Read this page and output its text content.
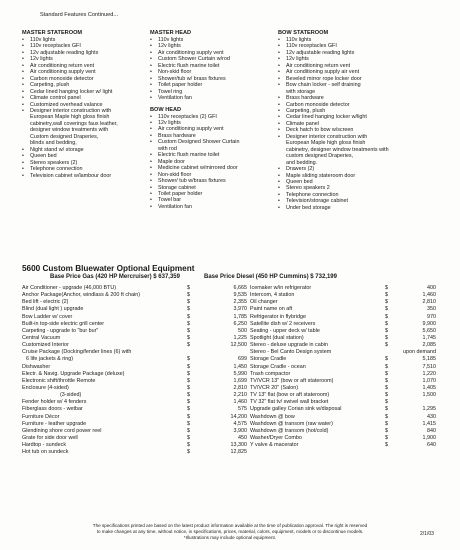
Standard Features Continued...
MASTER STATEROOM
•	110v lights
•	110v receptacles GFI
•	12v adjustable reading lights
•	12v lights
•	Air conditioning return vent
•	Air conditioning supply vent
•	Carbon monoxide detector
•	Carpeting, plush
•	Cedar lined hanging locker w/ light
•	Climate control panel
•	Customized overhead valance
•	Designer interior construction with
European Maple high gloss finish
cabinetry,wall coverings faux leather,
designer window treatments with
Custom designed Draperies,
blinds and bedding,
•	Night stand w/ storage
•	Queen bed
•	Stereo speakers (2)
•	Telephone connection
•	Television cabinet w/lambour door
MASTER HEAD
•	110v lights
•	12v lights
•	Air conditioning supply vent
•	Custom Shower Curtain w/rod
•	Electric flush marine toilet
•	Non-skid floor
•	Shower/tub w/ brass fixtures
•	Toilet paper holder
•	Towel ring
•	Ventilation fan
BOW HEAD
•	110v receptacles (2) GFI
•	12v lights
•	Air conditioning supply vent
•	Brass hardware
•	Custom Designed Shower Curtain
with rod
•	Electric flush marine toilet
•	Maple door
•	Medicine cabinet w/mirrored door
•	Non-skid floor
•	Shower/ tub w/brass fixtures
•	Storage cabinet
•	Toilet paper holder
•	Towel bar
•	Ventilation fan
BOW STATEROOM
•	110v lights
•	110v receptacles GFI
•	12v adjustable reading lights
•	12v lights
•	Air conditioning return vent
•	Air conditioning supply air vent
•	Beveled mirror rope locker door
•	Bow chain locker - self draining
with storage
•	Brass hardware
•	Carbon monoxide detector
•	Carpeting, plush
•	Cedar lined hanging locker w/light
•	Climate panel
•	Deck hatch to bow w/screen
•	Designer interior construction with
European Maple high gloss finish
cabinetry, designer window treatments with
custom designed Draperies,
and bedding.
•	Drawers (2)
•	Maple sliding stateroom door
•	Queen bed
•	Stereo speakers 2
•	Telephone connection
•	Television/storage cabinet
•	Under bed storage
5600 Custom Bluewater Optional Equipment
Base Price Gas (420 HP Mercruiser) $ 637,359	Base Price Diesel (450 HP Cummins) $ 732,199
Air Conditioner - upgrade (46,000 BTU)	$	6,665
Anchor Package(Anchor, windlass & 200 ft chain)	$	9,535
Bed lift - electric (2)	$	2,355
Blind (dual light ) upgrade	$	3,970
Bow Ladder w/ cover	$	1,785
Built-in top-side electric grill center	$	6,250
Carpeting - upgrade to "bur bur"	$	500
Central Vacuum	$	1,225
Customized Interior	$	12,500
Cruise Package (Docking/fender lines (6) with
6 life jackets & ring)	$	699
Dishwasher	$	1,450
Electr. & Navig. Upgrade Package (deluxe)	$	5,990
Electronic shift/throttle Remote	$	1,699
Enclosure (4-sided)	$	2,810
(3-sided)	$	2,210
Fender holder w/ 4 fenders	$	1,460
Fiberglass doors - wetbar	$	575
Furniture Décor	$	14,200
Furniture - leather upgrade	$	4,575
Glendining shore cord power reel	$	3,900
Grate for side door well	$	450
Hardtop - sundeck	$	13,300
Hot tub on sundeck	$	12,825
Icemaker w/in refrigerator	$	400
Intercom, 4 station	$	1,460
Oil changer	$	2,810
Paint name on aft	$	350
Refrigerator in flybridge	$	970
Satellite dish w/ 2 receivers	$	9,900
Seating - upper deck w/ table	$	5,650
Spotlight (dual station)	$	1,745
Stereo - deluxe upgrade in cabin	$	2,085
Stereo - Bel Canto Design system	upon demand
Storage Cradle	$	5,185
Storage Cradle - ocean	$	7,510
Trash compactor	$	1,220
TV/VCR 13" (bow or aft stateroom)	$	1,070
TV/VCR 20" (Salon)	$	1,405
TV 13" flat (bow or aft stateroom)	$	1,500
TV 32" flat tv/ swivel wall bracket	$
Upgrade galley Corian sink w/disposal	$	1,295
Washdown @ bow	$	430
Washdown @ transom (raw water)	$	1,415
Washdown @ transom (hot/cold)	$	840
Washer/Dryer Combo	$	1,900
Y valve & macerator	$	640
The specifications printed are based on the latest product information available at the time of publication approval. The right is reserved
to make changes at any time, without notice, in specifications, prices, material, colors, equipment, models or to discontinue models.
*Illustrations may include optional equipment.
2/1/03
